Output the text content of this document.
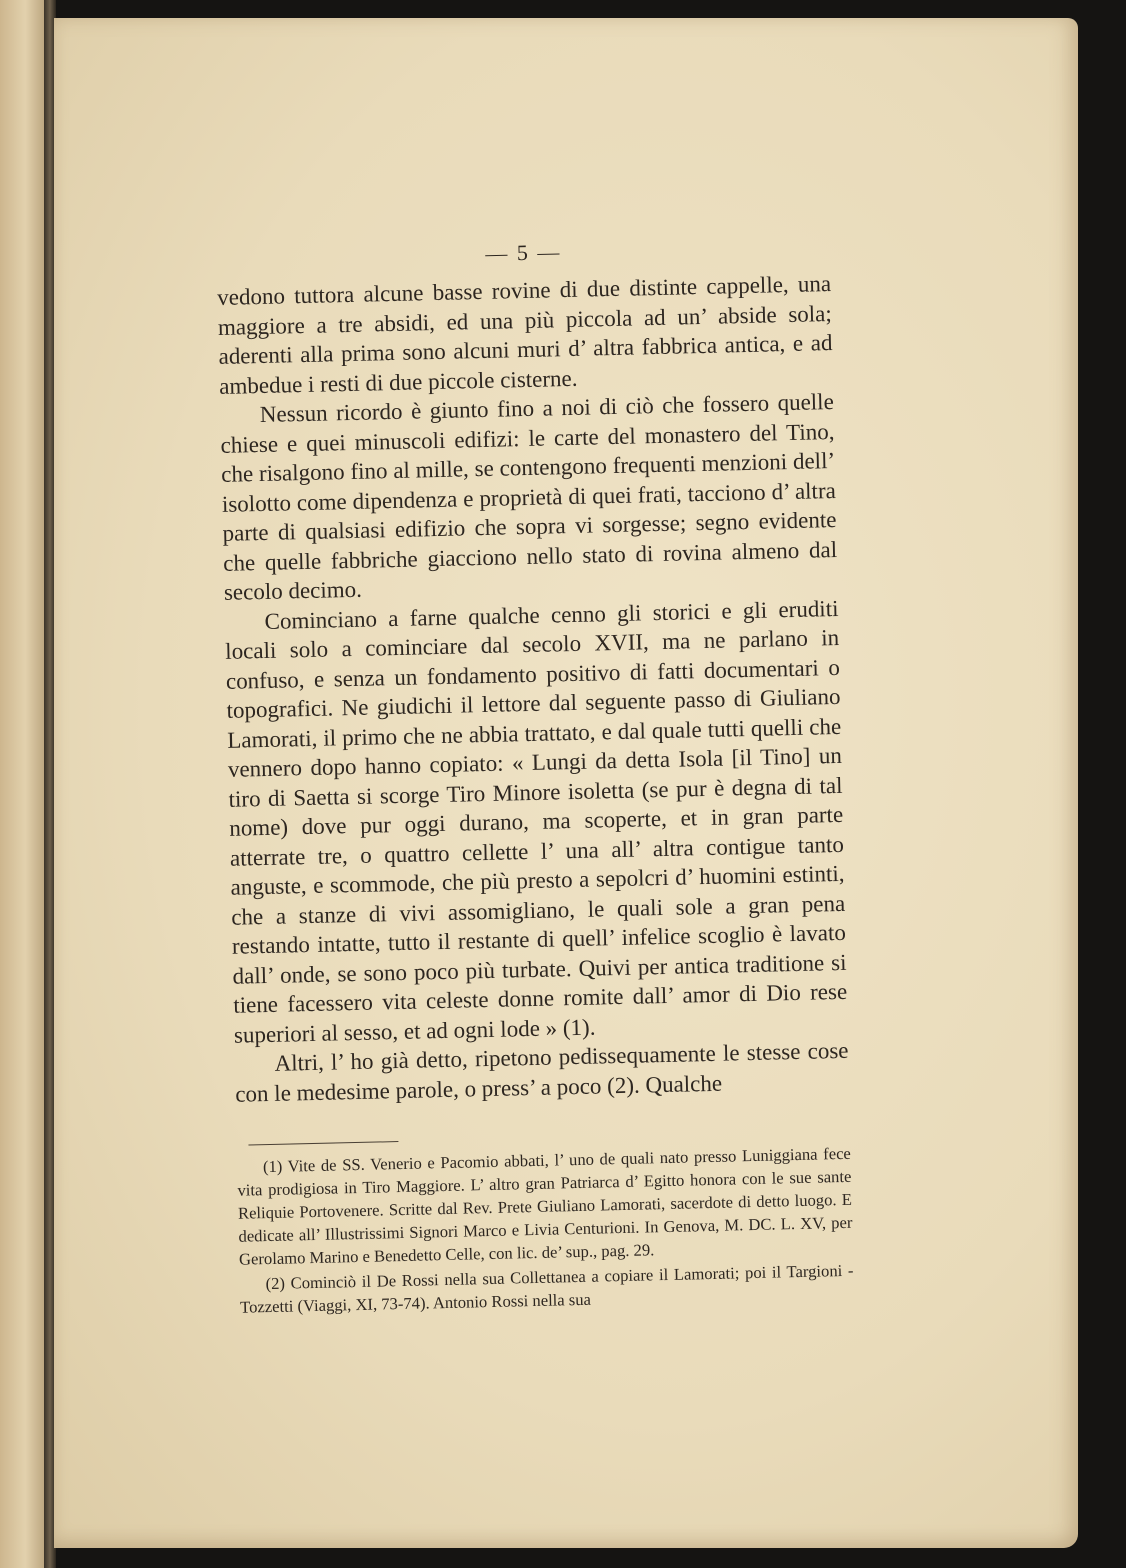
— 5 —

vedono tuttora alcune basse rovine di due distinte cappelle, una maggiore a tre absidi, ed una più piccola ad un’ abside sola; aderenti alla prima sono alcuni muri d’ altra fabbrica antica, e ad ambedue i resti di due piccole cisterne.

Nessun ricordo è giunto fino a noi di ciò che fossero quelle chiese e quei minuscoli edifizi: le carte del monastero del Tino, che risalgono fino al mille, se contengono frequenti menzioni dell’ isolotto come dipendenza e proprietà di quei frati, tacciono d’ altra parte di qualsiasi edifizio che sopra vi sorgesse; segno evidente che quelle fabbriche giacciono nello stato di rovina almeno dal secolo decimo.

Cominciano a farne qualche cenno gli storici e gli eruditi locali solo a cominciare dal secolo XVII, ma ne parlano in confuso, e senza un fondamento positivo di fatti documentari o topografici. Ne giudichi il lettore dal seguente passo di Giuliano Lamorati, il primo che ne abbia trattato, e dal quale tutti quelli che vennero dopo hanno copiato: « Lungi da detta Isola [il Tino] un tiro di Saetta si scorge Tiro Minore isoletta (se pur è degna di tal nome) dove pur oggi durano, ma scoperte, et in gran parte atterrate tre, o quattro cellette l’ una all’ altra contigue tanto anguste, e scommode, che più presto a sepolcri d’ huomini estinti, che a stanze di vivi assomigliano, le quali sole a gran pena restando intatte, tutto il restante di quell’ infelice scoglio è lavato dall’ onde, se sono poco più turbate. Quivi per antica traditione si tiene facessero vita celeste donne romite dall’ amor di Dio rese superiori al sesso, et ad ogni lode » (1).

Altri, l’ ho già detto, ripetono pedissequamente le stesse cose con le medesime parole, o press’ a poco (2). Qualche

(1) Vite de SS. Venerio e Pacomio abbati, l’ uno de quali nato presso Luniggiana fece vita prodigiosa in Tiro Maggiore. L’ altro gran Patriarca d’ Egitto honora con le sue sante Reliquie Portovenere. Scritte dal Rev. Prete Giuliano Lamorati, sacerdote di detto luogo. E dedicate all’ Illustrissimi Signori Marco e Livia Centurioni. In Genova, M. DC. L. XV, per Gerolamo Marino e Benedetto Celle, con lic. de’ sup., pag. 29.

(2) Cominciò il De Rossi nella sua Collettanea a copiare il Lamorati; poi il Targioni - Tozzetti (Viaggi, XI, 73-74). Antonio Rossi nella sua
